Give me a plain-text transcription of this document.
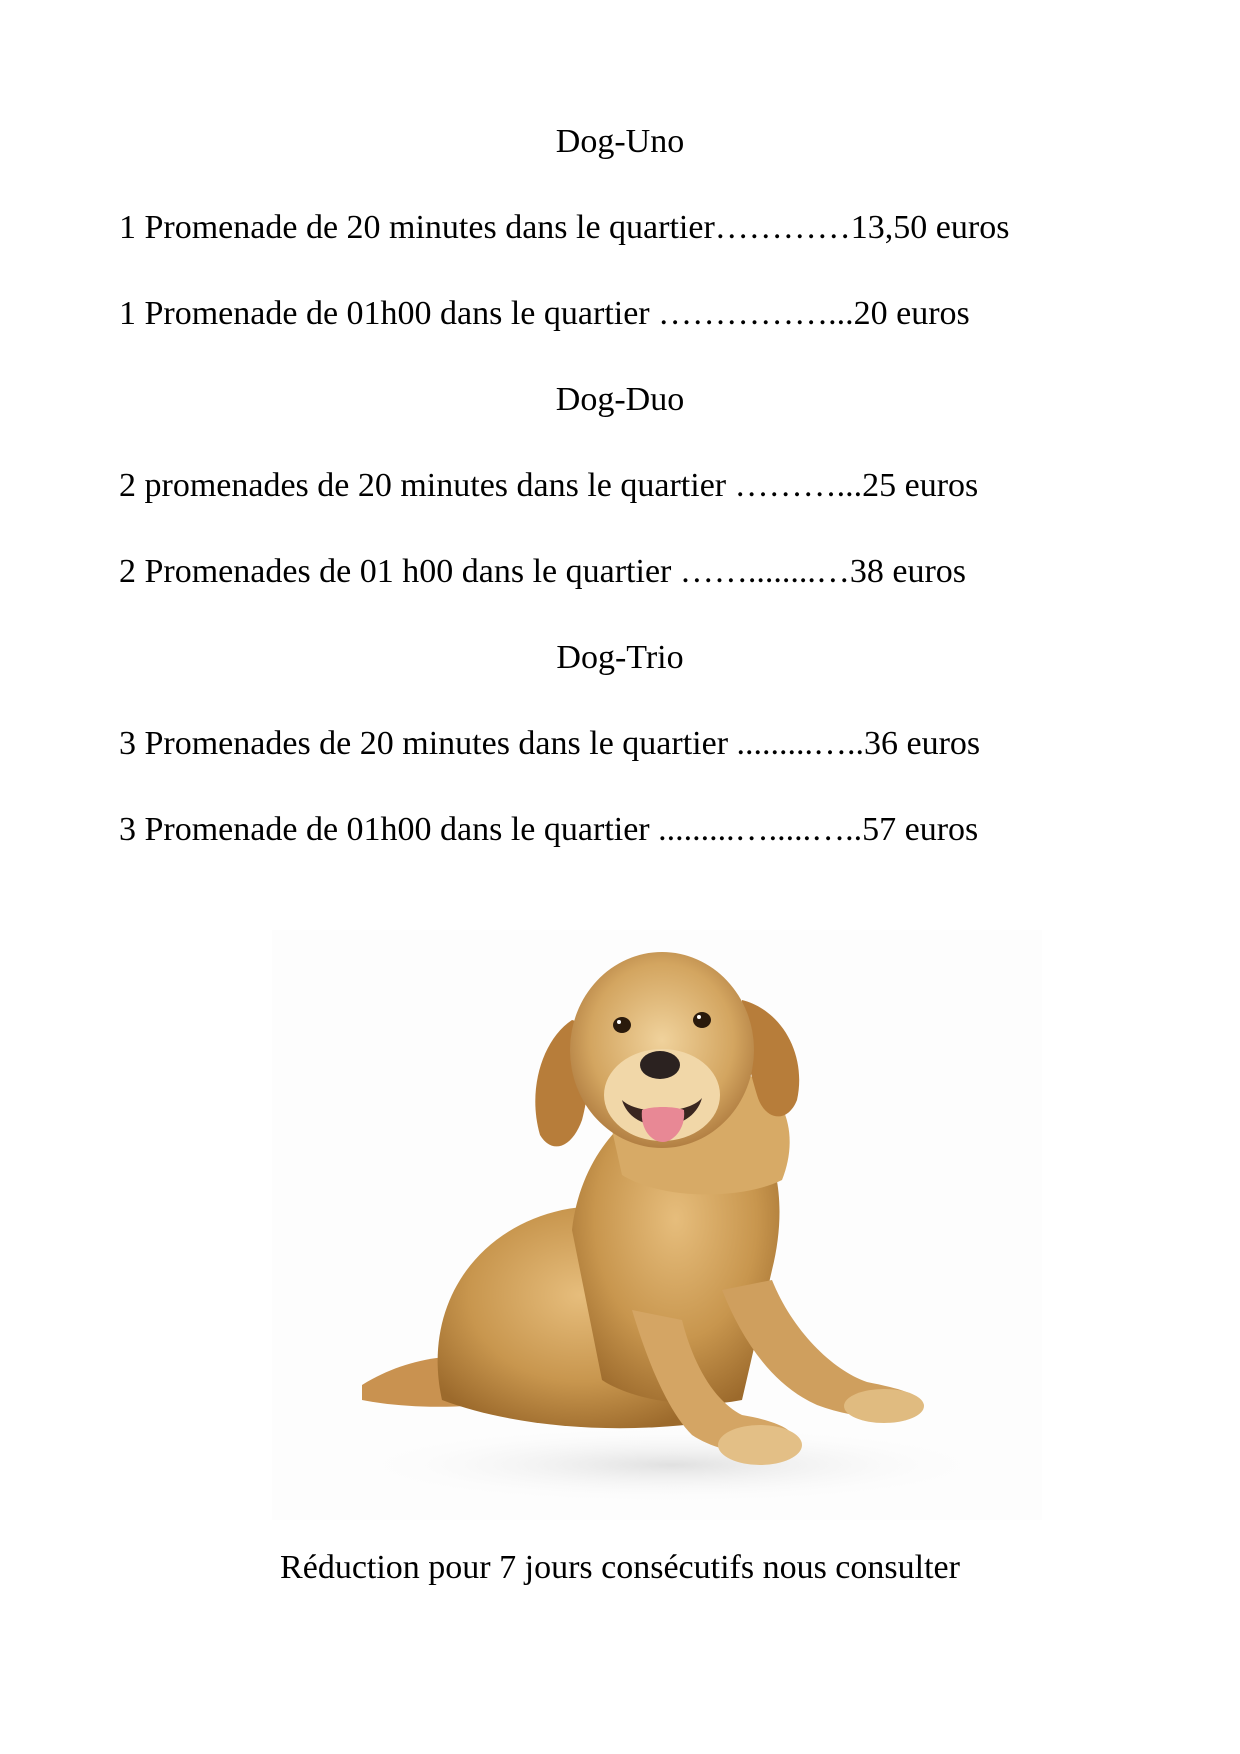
Dog-Uno
1 Promenade de 20 minutes dans le quartier…………13,50 euros
1 Promenade de 01h00 dans le quartier ……………...20 euros
Dog-Duo
2 promenades de 20 minutes dans le quartier ………...25 euros
2 Promenades de 01 h00 dans le quartier ……........…38 euros
Dog-Trio
3 Promenades de 20 minutes dans le quartier .........…..36 euros
3 Promenade de 01h00 dans le quartier .........….....…..57 euros
Réduction pour 7 jours consécutifs nous consulter
